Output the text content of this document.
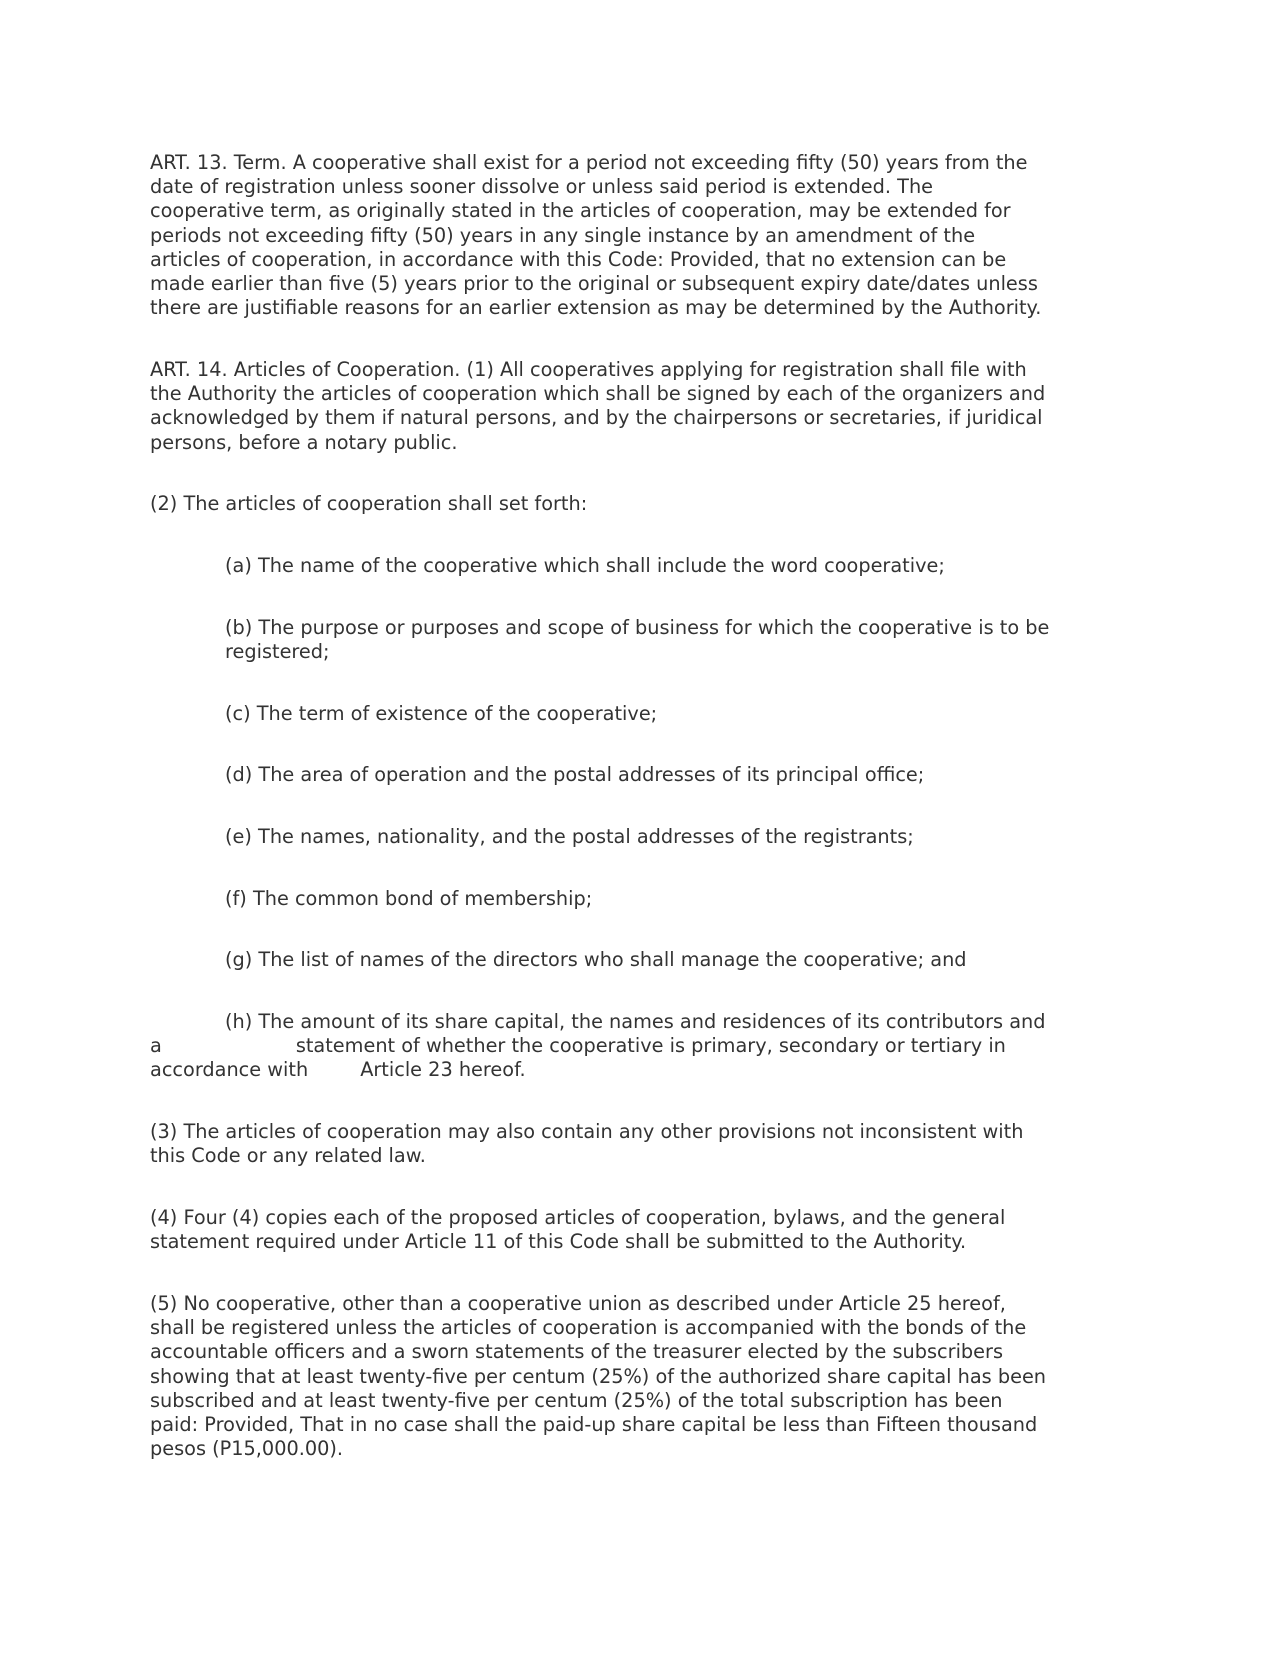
ART. 13. Term. A cooperative shall exist for a period not exceeding fifty (50) years from the
date of registration unless sooner dissolve or unless said period is extended. The
cooperative term, as originally stated in the articles of cooperation, may be extended for
periods not exceeding fifty (50) years in any single instance by an amendment of the
articles of cooperation, in accordance with this Code: Provided, that no extension can be
made earlier than five (5) years prior to the original or subsequent expiry date/dates unless
there are justifiable reasons for an earlier extension as may be determined by the Authority.
ART. 14. Articles of Cooperation. (1) All cooperatives applying for registration shall file with
the Authority the articles of cooperation which shall be signed by each of the organizers and
acknowledged by them if natural persons, and by the chairpersons or secretaries, if juridical
persons, before a notary public.
(2) The articles of cooperation shall set forth:
(a) The name of the cooperative which shall include the word cooperative;
(b) The purpose or purposes and scope of business for which the cooperative is to be
registered;
(c) The term of existence of the cooperative;
(d) The area of operation and the postal addresses of its principal office;
(e) The names, nationality, and the postal addresses of the registrants;
(f) The common bond of membership;
(g) The list of names of the directors who shall manage the cooperative; and
(h) The amount of its share capital, the names and residences of its contributors and
a	statement of whether the cooperative is primary, secondary or tertiary in
accordance with	Article 23 hereof.
(3) The articles of cooperation may also contain any other provisions not inconsistent with
this Code or any related law.
(4) Four (4) copies each of the proposed articles of cooperation, bylaws, and the general
statement required under Article 11 of this Code shall be submitted to the Authority.
(5) No cooperative, other than a cooperative union as described under Article 25 hereof,
shall be registered unless the articles of cooperation is accompanied with the bonds of the
accountable officers and a sworn statements of the treasurer elected by the subscribers
showing that at least twenty-five per centum (25%) of the authorized share capital has been
subscribed and at least twenty-five per centum (25%) of the total subscription has been
paid: Provided, That in no case shall the paid-up share capital be less than Fifteen thousand
pesos (P15,000.00).
